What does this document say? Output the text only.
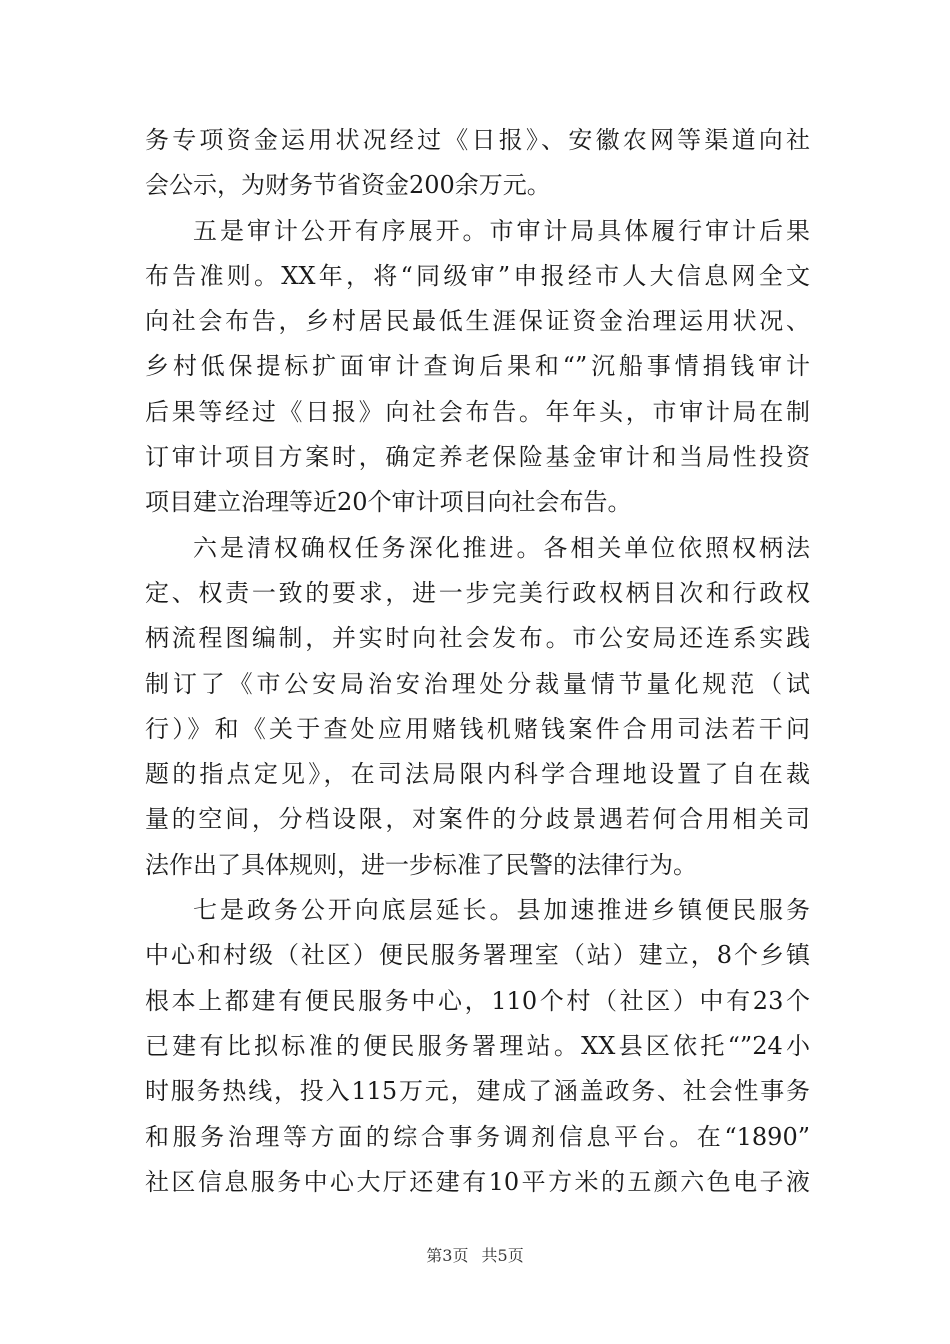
务专项资金运用状况经过《日报》、安徽农网等渠道向社
会公示，为财务节省资金200余万元。
五是审计公开有序展开。市审计局具体履行审计后果
布告准则。XX年，将“同级审”申报经市人大信息网全文
向社会布告，乡村居民最低生涯保证资金治理运用状况、
乡村低保提标扩面审计查询后果和“”沉船事情捐钱审计
后果等经过《日报》向社会布告。年年头，市审计局在制
订审计项目方案时，确定养老保险基金审计和当局性投资
项目建立治理等近20个审计项目向社会布告。
六是清权确权任务深化推进。各相关单位依照权柄法
定、权责一致的要求，进一步完美行政权柄目次和行政权
柄流程图编制，并实时向社会发布。市公安局还连系实践
制订了《市公安局治安治理处分裁量情节量化规范（试
行）》和《关于查处应用赌钱机赌钱案件合用司法若干问
题的指点定见》，在司法局限内科学合理地设置了自在裁
量的空间，分档设限，对案件的分歧景遇若何合用相关司
法作出了具体规则，进一步标准了民警的法律行为。
七是政务公开向底层延长。县加速推进乡镇便民服务
中心和村级（社区）便民服务署理室（站）建立，8个乡镇
根本上都建有便民服务中心，110个村（社区）中有23个
已建有比拟标准的便民服务署理站。XX县区依托“”24小
时服务热线，投入115万元，建成了涵盖政务、社会性事务
和服务治理等方面的综合事务调剂信息平台。在“1890”
社区信息服务中心大厅还建有10平方米的五颜六色电子液
第3页 共5页
